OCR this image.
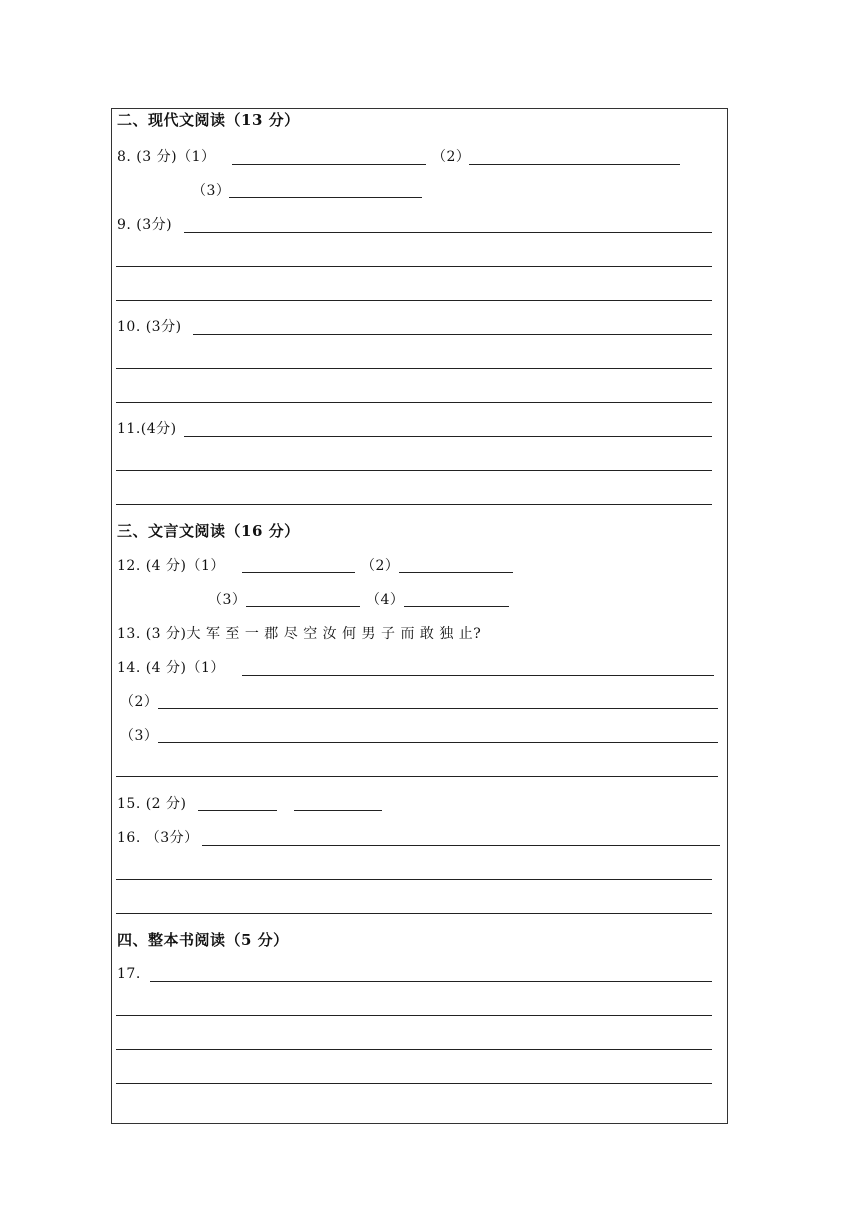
二、现代文阅读（13 分）
8. (3 分)（1）	（2）
（3）
9. (3分)
10. (3分)
11.(4分)
三、文言文阅读（16 分）
12. (4 分)（1）	（2）
（3）	（4）
13. (3 分)大 军 至 一 郡 尽 空 汝 何 男 子 而 敢 独 止?
14. (4 分)（1）
（2）
（3）
15. (2 分)
16. （3分）
四、整本书阅读（5 分）
17.
